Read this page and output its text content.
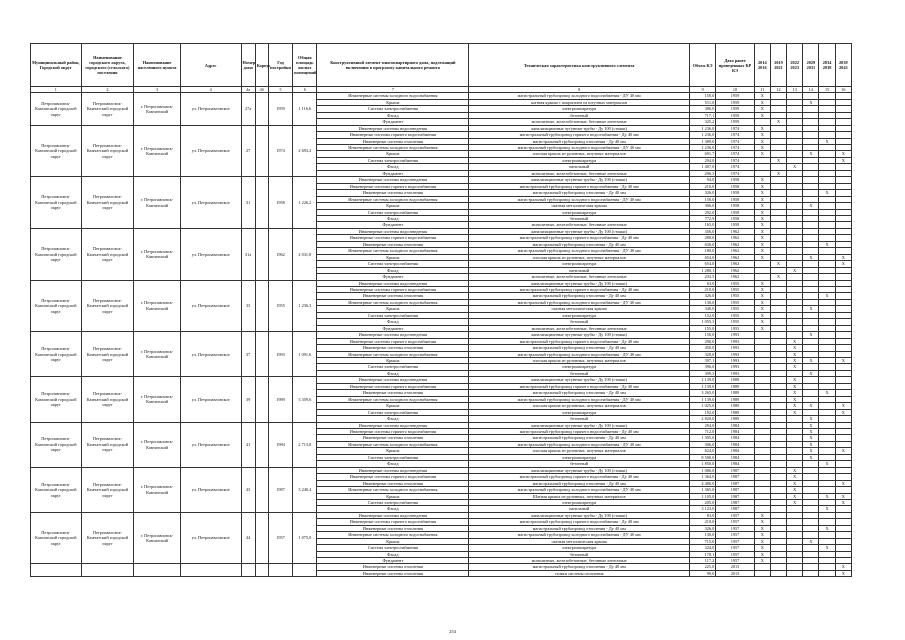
Муниципальный район, Городской округ	Наименование городского округа, городского (сельского) поселения	Наименование населенного пункта	Адрес	Номер дома	Корпус	Год постройки	Общая площадь жилых помещений	Конструктивный элемент многоквартирного дома, подлежащий включению в программу капитального ремонта	Техническая характеристика конструктивного элемента	Объем КЭ	Дата ранее проведенных КР КЭ	2014 2016	2019 2021	2022 2023	2029 2031	2034 2038	2039 2043
1	2	3	4	4а	4б	5	6	7	8	9	10	11	12	13	14	15	16
Петропавловск-Камчатский городской округ	Петропавловск-Камчатский городской округ	г. Петропавловск-Камчатский	ул. Петропавловское	27а		1959	1 116,6	Инженерные системы холодного водоснабжения	магистральный трубопровод холодного водоснабжения - ДУ 40 мм	150,0	1959	X					
								Крыша	шатная крыша с покрытием из штучных материалов	511,0	1959	X			X		
								Система электроснабжения	электроаппаратура	386,0	1959	X					
								Фасад	бетонный	717,1	1959	X					
								Фундамент	монолитные, железобетонные, бетонные ленточные	325,2	1959		X				
Петропавловск-Камчатский городской округ	Петропавловск-Камчатский городской округ	г. Петропавловск-Камчатский	ул. Петропавловское	27		1974	2 693,2	Инженерные системы водоотведения	канализационные чугунные трубы - Ду 100 (стояки)	1 236,0	1974	X					
								Инженерные системы горячего водоснабжения	магистральный трубопровод горячего водоснабжения - Ду 40 мм	1 236,0	1974	X					
								Инженерные системы отопления	магистральный трубопровод отопления - Ду 40 мм	1 389,0	1974	X				X	
								Инженерные системы холодного водоснабжения	магистральный трубопровод холодного водоснабжения - ДУ 40 мм	1 236,0	1974	X					
								Крыша	плоская крыша из рулонных, штучных материалов	691,7	1974	X			X		X
								Система электроснабжения	электроаппаратура	294,0	1974		X				X
								Фасад	панельный	1 407,0	1974			X			
								Фундамент	монолитные, железобетонные, бетонные ленточные	296,3	1974		X				
Петропавловск-Камчатский городской округ	Петропавловск-Камчатский городской округ	г. Петропавловск-Камчатский	ул. Петропавловское	31		1958	1 226,2	Инженерные системы водоотведения	канализационные чугунные трубы - Ду 100 (стояки)	94,0	1958	X					
								Инженерные системы горячего водоснабжения	магистральный трубопровод горячего водоснабжения - Ду 40 мм	210,0	1958	X					
								Инженерные системы отопления	магистральный трубопровод отопления - Ду 40 мм	326,0	1958	X				X	
								Инженерные системы холодного водоснабжения	магистральный трубопровод холодного водоснабжения - ДУ 40 мм	150,0	1958	X					
								Крыша	скатная металлическая крыша	306,0	1958	X			X		
								Система электроснабжения	электроаппаратура	292,0	1958	X					
								Фасад	бетонный	772,9	1958	X					
								Фундамент	монолитные, железобетонные, бетонные ленточные	165,0	1958	X					
Петропавловск-Камчатский городской округ	Петропавловск-Камчатский городской округ	г. Петропавловск-Камчатский	ул. Петропавловское	31а		1962	2 031,8	Инженерные системы водоотведения	канализационные чугунные трубы - Ду 100 (стояки)	356,0	1962	X					
								Инженерные системы горячего водоснабжения	магистральный трубопровод горячего водоснабжения - Ду 40 мм	280,0	1962	X					
								Инженерные системы отопления	магистральный трубопровод отопления - Ду 40 мм	630,0	1962	X				X	
								Инженерные системы холодного водоснабжения	магистральный трубопровод холодного водоснабжения - ДУ 40 мм	180,0	1962	X					
								Крыша	плоская крыша из рулонных, штучных материалов	654,0	1962	X			X		X
								Система электроснабжения	электроаппаратура	654,0	1962		X				X
								Фасад	панельный	1 280,1	1962			X			
								Фундамент	монолитные, железобетонные, бетонные ленточные	233,5	1962		X				
Петропавловск-Камчатский городской округ	Петропавловск-Камчатский городской округ	г. Петропавловск-Камчатский	ул. Петропавловское	33		1955	1 236,3	Инженерные системы водоотведения	канализационные чугунные трубы - Ду 100 (стояки)	63,0	1955	X					
								Инженерные системы горячего водоснабжения	магистральный трубопровод горячего водоснабжения - Ду 40 мм	210,0	1955	X					
								Инженерные системы отопления	магистральный трубопровод отопления - Ду 40 мм	326,0	1955	X				X	
								Инженерные системы холодного водоснабжения	магистральный трубопровод холодного водоснабжения - ДУ 40 мм	130,0	1955	X					
								Крыша	скатная металлическая крыша	340,0	1955	X			X		
								Система электроснабжения	электроаппаратура	152,0	1955	X					
								Фасад	бетонный	1 055,3	1955	X					
								Фундамент	монолитные, железобетонные, бетонные ленточные	155,0	1955	X					
Петропавловск-Камчатский городской округ	Петропавловск-Камчатский городской округ	г. Петропавловск-Камчатский	ул. Петропавловское	37		1993	1 091,6	Инженерные системы водоотведения	канализационные чугунные трубы - Ду 100 (стояки)	150,0	1993				X		
								Инженерные системы горячего водоснабжения	магистральный трубопровод горячего водоснабжения - Ду 40 мм	290,0	1993			X			
								Инженерные системы отопления	магистральный трубопровод отопления - Ду 40 мм	450,0	1993			X			
								Инженерные системы холодного водоснабжения	магистральный трубопровод холодного водоснабжения - ДУ 40 мм	320,0	1993			X			
								Крыша	плоская крыша из рулонных, штучных материалов	397,1	1993			X	X		X
								Система электроснабжения	электроаппаратура	396,0	1993			X			
								Фасад	бетонный	399,3	1993				X		
Петропавловск-Камчатский городской округ	Петропавловск-Камчатский городской округ	г. Петропавловск-Камчатский	ул. Петропавловское	39		1989	3 359,6	Инженерные системы водоотведения	канализационные чугунные трубы - Ду 100 (стояки)	1 139,0	1989			X			
								Инженерные системы горячего водоснабжения	магистральный трубопровод горячего водоснабжения - Ду 40 мм	1 139,0	1989			X			
								Инженерные системы отопления	магистральный трубопровод отопления - Ду 40 мм	3 265,0	1989			X		X	
								Инженерные системы холодного водоснабжения	магистральный трубопровод холодного водоснабжения - ДУ 40 мм	1 139,0	1989			X			
								Крыша	плоская крыша из рулонных, штучных материалов	1 025,0	1989			X	X		X
								Система электроснабжения	электроаппаратура	192,0	1989			X			X
								Фасад	бетонный	2 820,0	1989				X		
Петропавловск-Камчатский городской округ	Петропавловск-Камчатский городской округ	г. Петропавловск-Камчатский	ул. Петропавловское	41		1984	2 713,8	Инженерные системы водоотведения	канализационные чугунные трубы - Ду 100 (стояки)	294,0	1984				X		
								Инженерные системы горячего водоснабжения	магистральный трубопровод горячего водоснабжения - Ду 40 мм	712,0	1984				X		
								Инженерные системы отопления	магистральный трубопровод отопления - Ду 40 мм	1 305,0	1984				X		
								Инженерные системы холодного водоснабжения	магистральный трубопровод холодного водоснабжения - ДУ 40 мм	306,0	1984				X		
								Крыша	плоская крыша из рулонных, штучных материалов	624,0	1984				X		X
								Система электроснабжения	электроаппаратура	8 500,0	1984				X		
								Фасад	бетонный	1 850,0	1984					X	
Петропавловск-Камчатский городской округ	Петропавловск-Камчатский городской округ	г. Петропавловск-Камчатский	ул. Петропавловское	43		1987	3 240,4	Инженерные системы водоотведения	канализационные чугунные трубы - Ду 100 (стояки)	1 086,0	1987			X			
								Инженерные системы горячего водоснабжения	магистральный трубопровод горячего водоснабжения - Ду 40 мм	1 364,0	1987			X			
								Инженерные системы отопления	магистральный трубопровод отопления - Ду 40 мм	4 480,0	1987			X			X
								Инженерные системы холодного водоснабжения	магистральный трубопровод холодного водоснабжения - ДУ 40 мм	1 365,0	1987			X			
								Крыша	Шатная крыша из рулонных, штучных материалов	1 105,0	1987			X		X	X
								Система электроснабжения	электроаппаратура	205,0	1987			X			X
								Фасад	панельный	3 123,0	1987					X	
Петропавловск-Камчатский городской округ	Петропавловск-Камчатский городской округ	г. Петропавловск-Камчатский	ул. Петропавловское	44		1957	1 075,0	Инженерные системы водоотведения	канализационные чугунные трубы - Ду 100 (стояки)	83,0	1957	X					
								Инженерные системы горячего водоснабжения	магистральный трубопровод горячего водоснабжения - Ду 40 мм	210,0	1957	X					
								Инженерные системы отопления	магистральный трубопровод отопления - Ду 40 мм	326,0	1957	X				X	
								Инженерные системы холодного водоснабжения	магистральный трубопровод холодного водоснабжения - ДУ 40 мм	130,0	1957	X					
								Крыша	скатная металлическая крыша	715,0	1957	X			X		
								Система электроснабжения	электроаппаратура	324,0	1957	X				X	
								Фасад	бетонный	178,1	1957	X					
								Фундамент	монолитные, железобетонные, бетонные ленточные	117,2	1957	X					
								Инженерные системы отопления	магистральный трубопровод отопления - Ду 40 мм	225,0	2013						X
								Инженерные системы отопления	стояки системы отопления	99,0	2013						X
254
